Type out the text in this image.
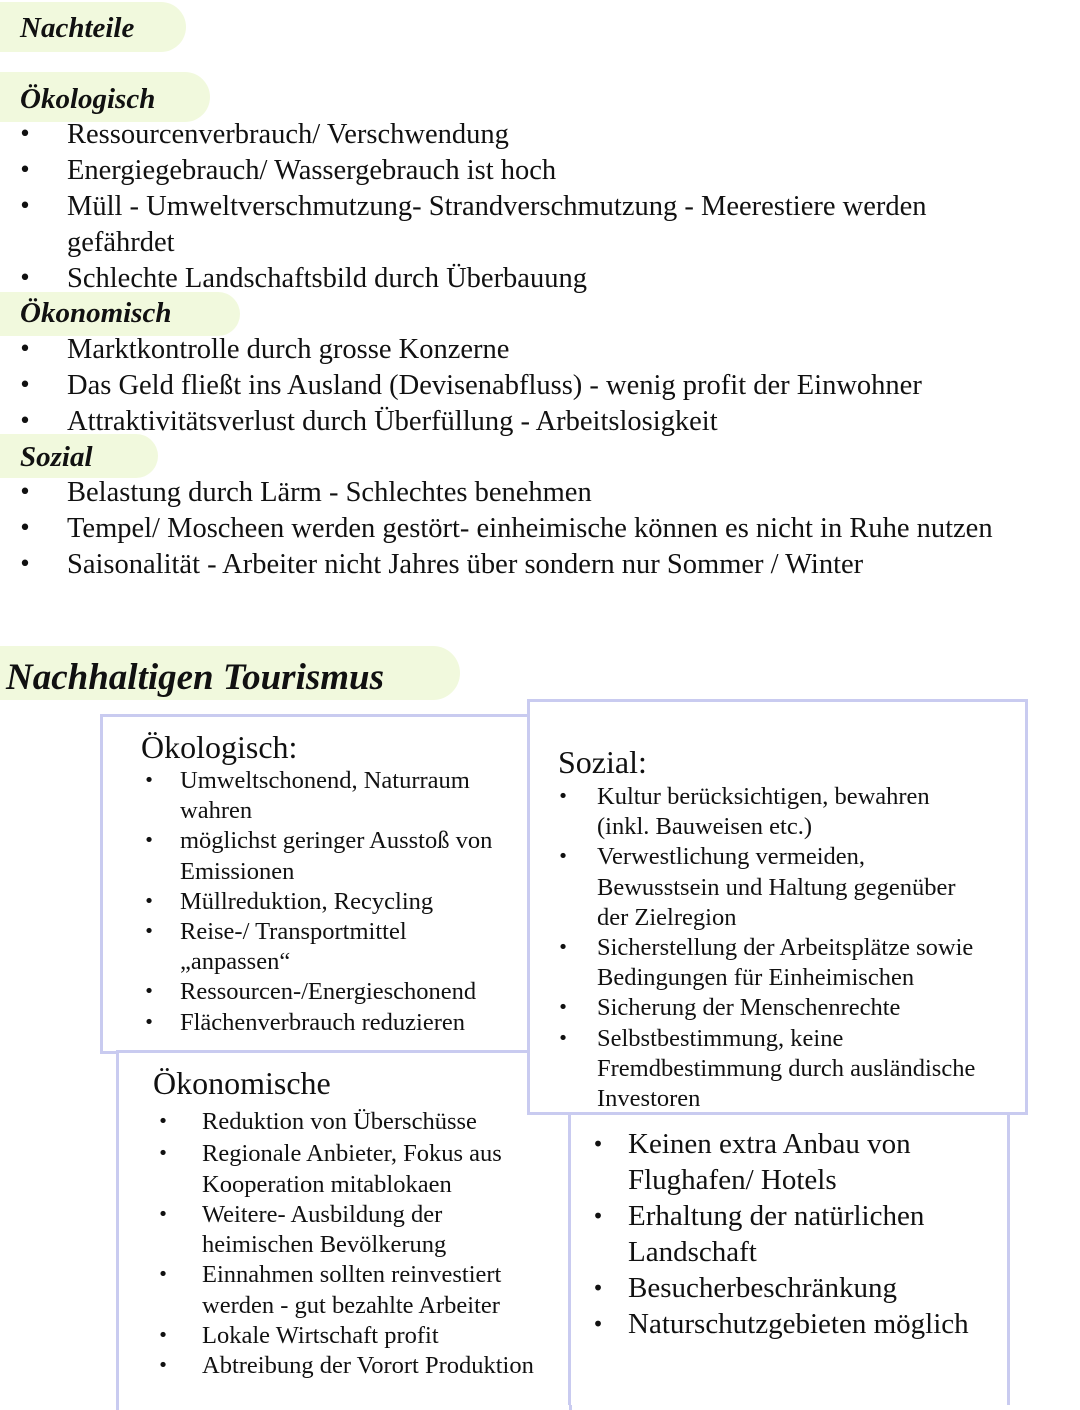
Nachteile
Ökologisch
• Ressourcenverbrauch/ Verschwendung
• Energiegebrauch/ Wassergebrauch ist hoch
• Müll - Umweltverschmutzung- Strandverschmutzung - Meerestiere werden gefährdet
• Schlechte Landschaftsbild durch Überbauung
Ökonomisch
• Marktkontrolle durch grosse Konzerne
• Das Geld fließt ins Ausland (Devisenabfluss) - wenig profit der Einwohner
• Attraktivitätsverlust durch Überfüllung - Arbeitslosigkeit
Sozial
• Belastung durch Lärm - Schlechtes benehmen
• Tempel/ Moscheen werden gestört- einheimische können es nicht in Ruhe nutzen
• Saisonalität - Arbeiter nicht Jahres über sondern nur Sommer / Winter
Nachhaltigen Tourismus
Ökologisch:
• Umweltschonend, Naturraum wahren
• möglichst geringer Ausstoß von Emissionen
• Müllreduktion, Recycling
• Reise-/ Transportmittel „anpassen“
• Ressourcen-/Energieschonend
• Flächenverbrauch reduzieren
Ökonomische
• Reduktion von Überschüsse
• Regionale Anbieter, Fokus aus Kooperation mitablokaen
• Weitere- Ausbildung der heimischen Bevölkerung
• Einnahmen sollten reinvestiert werden - gut bezahlte Arbeiter
• Lokale Wirtschaft profit
• Abtreibung der Vorort Produktion
• Keinen extra Anbau von Flughafen/ Hotels
• Erhaltung der natürlichen Landschaft
• Besucherbeschränkung
• Naturschutzgebieten möglich
Sozial:
• Kultur berücksichtigen, bewahren (inkl. Bauweisen etc.)
• Verwestlichung vermeiden, Bewusstsein und Haltung gegenüber der Zielregion
• Sicherstellung der Arbeitsplätze sowie Bedingungen für Einheimischen
• Sicherung der Menschenrechte
• Selbstbestimmung, keine Fremdbestimmung durch ausländische Investoren
